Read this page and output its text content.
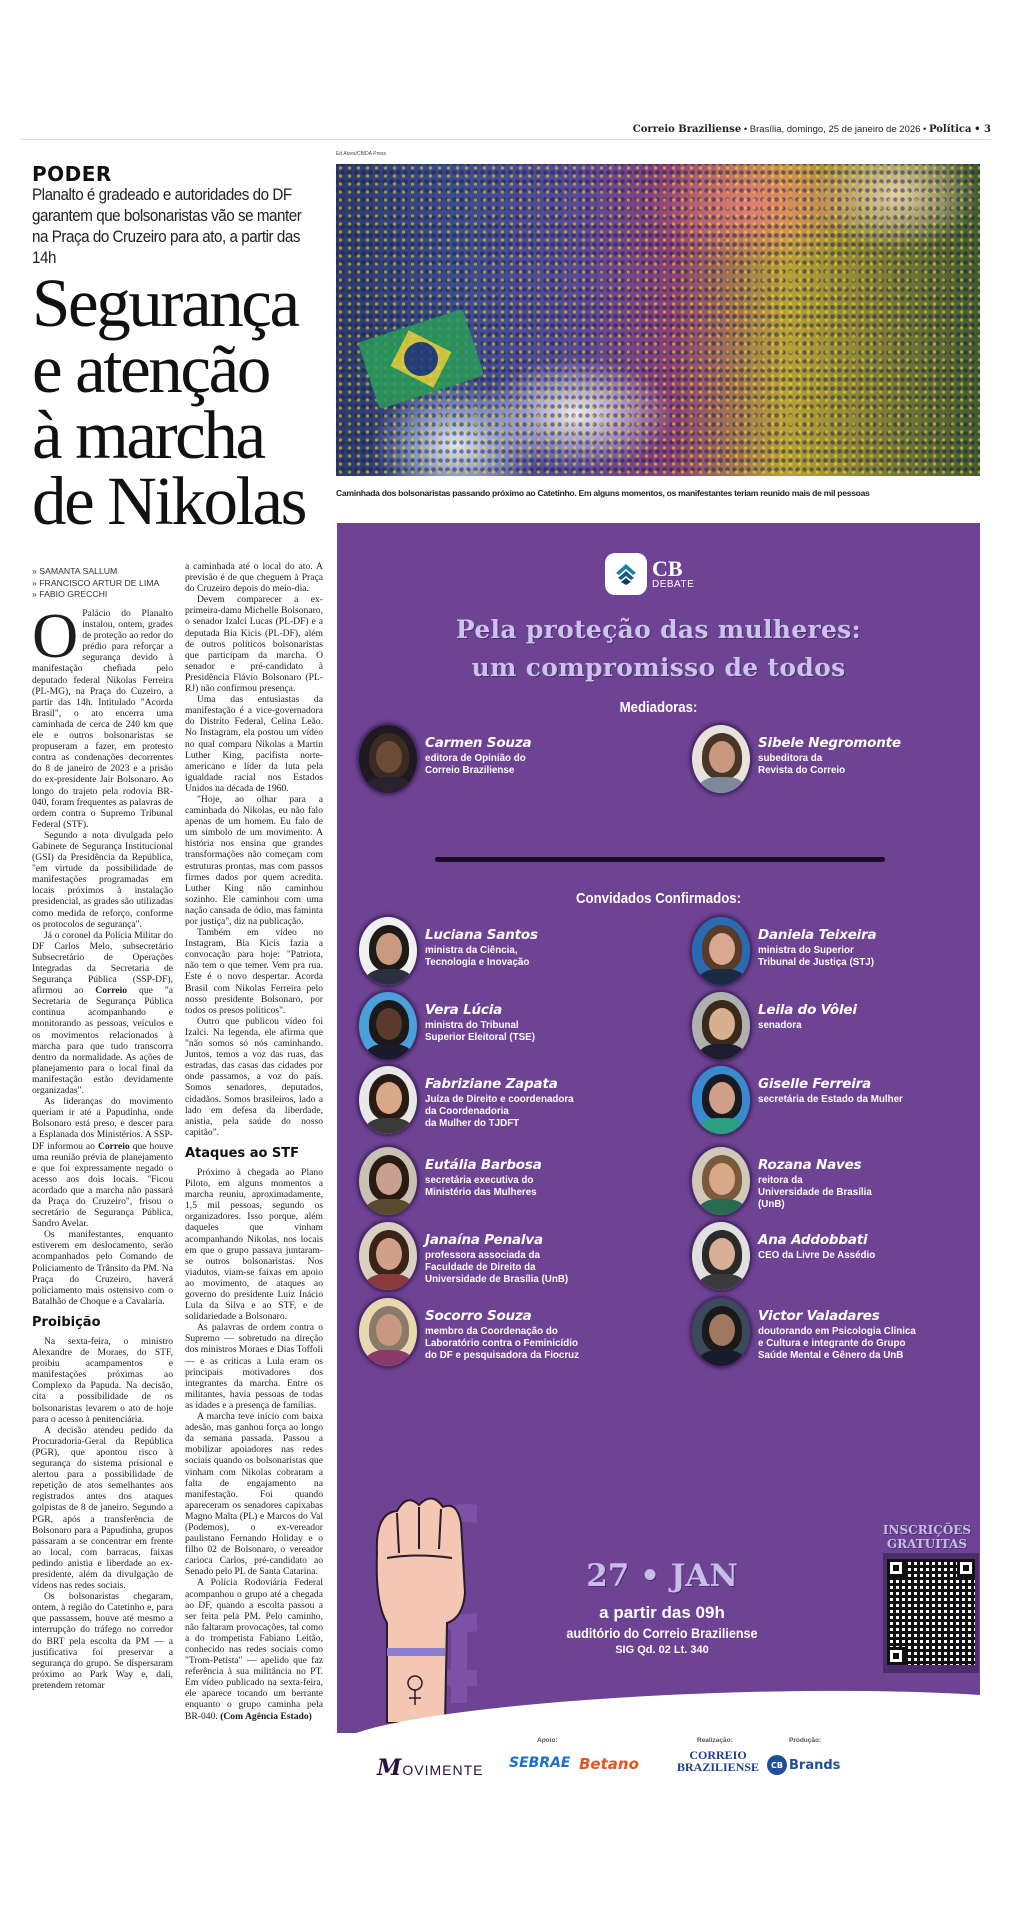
Correio Braziliense • Brasília, domingo, 25 de janeiro de 2026 • Política • 3
PODER
Planalto é gradeado e autoridades do DF garantem que bolsonaristas vão se manter na Praça do Cruzeiro para ato, a partir das 14h
Segurança
e atenção
à marcha
de Nikolas
» SAMANTA SALLUM
» FRANCISCO ARTUR DE LIMA
» FABIO GRECCHI

O Palácio do Planalto instalou, ontem, grades de proteção ao redor do prédio para reforçar a segurança devido à manifestação chefiada pelo deputado federal Nikolas Ferreira (PL-MG), na Praça do Cuzeiro, a partir das 14h. Intitulado "Acorda Brasil", o ato encerra uma caminhada de cerca de 240 km que ele e outros bolsonaristas se propuseram a fazer, em protesto contra as condenações decorrentes do 8 de janeiro de 2023 e a prisão do ex-presidente Jair Bolsonaro. Ao longo do trajeto pela rodovia BR-040, foram frequentes as palavras de ordem contra o Supremo Tribunal Federal (STF).

Segundo a nota divulgada pelo Gabinete de Segurança Institucional (GSI) da Presidência da República, "em virtude da possibilidade de manifestações programadas em locais próximos à instalação presidencial, as grades são utilizadas como medida de reforço, conforme os protocolos de segurança".

Já o coronel da Polícia Militar do DF Carlos Melo, subsecretário Subsecretário de Operações Integradas da Secretaria de Segurança Pública (SSP-DF), afirmou ao Correio que "a Secretaria de Segurança Pública continua acompanhando e monitorando as pessoas, veículos e os movimentos relacionados à marcha para que tudo transcorra dentro da normalidade. As ações de planejamento para o local final da manifestação estão devidamente organizadas".

As lideranças do movimento queriam ir até a Papudinha, onde Bolsonaro está preso, e descer para a Esplanada dos Ministérios. A SSP-DF informou ao Correio que houve uma reunião prévia de planejamento e que foi expressamente negado o acesso aos dois locais. "Ficou acordado que a marcha não passará da Praça do Cruzeiro", frisou o secretário de Segurança Pública, Sandro Avelar.

Os manifestantes, enquanto estiverem em deslocamento, serão acompanhados pelo Comando de Policiamento de Trânsito da PM. Na Praça do Cruzeiro, haverá policiamento mais ostensivo com o Batalhão de Choque e a Cavalaria.

Proibição

Na sexta-feira, o ministro Alexandre de Moraes, do STF, proibiu acampamentos e manifestações próximas ao Complexo da Papuda. Na decisão, cita a possibilidade de os bolsonaristas levarem o ato de hoje para o acesso à penitenciária.

A decisão atendeu pedido da Procuradoria-Geral da República (PGR), que apontou risco à segurança do sistema prisional e alertou para a possibilidade de repetição de atos semelhantes aos registrados antes dos ataques golpistas de 8 de janeiro. Segundo a PGR, após a transferência de Bolsonaro para a Papudinha, grupos passaram a se concentrar em frente ao local, com barracas, faixas pedindo anistia e liberdade ao ex-presidente, além da divulgação de vídeos nas redes sociais.

Os bolsonaristas chegaram, ontem, à região do Catetinho e, para que passassem, houve até mesmo a interrupção do tráfego no corredor do BRT pela escolta da PM — a justificativa foi preservar a segurança do grupo. Se dispersaram próximo ao Park Way e, dali, pretendem retomar

a caminhada até o local do ato. A previsão é de que cheguem à Praça do Cruzeiro depois do meio-dia.

Devem comparecer a ex-primeira-dama Michelle Bolsonaro, o senador Izalci Lucas (PL-DF) e a deputada Bia Kicis (PL-DF), além de outros políticos bolsonaristas que participam da marcha. O senador e pré-candidato à Presidência Flávio Bolsonaro (PL-RJ) não confirmou presença.

Uma das entusiastas da manifestação é a vice-governadora do Distrito Federal, Celina Leão. No Instagram, ela postou um vídeo no qual compara Nikolas a Martin Luther King, pacifista norte-americano e líder da luta pela igualdade racial nos Estados Unidos na década de 1960.

"Hoje, ao olhar para a caminhada do Nikolas, eu não falo apenas de um homem. Eu falo de um símbolo de um movimento. A história nos ensina que grandes transformações não começam com estruturas prontas, mas com passos firmes dados por quem acredita. Luther King não caminhou sozinho. Ele caminhou com uma nação cansada de ódio, mas faminta por justiça", diz na publicação.

Também em vídeo no Instagram, Bia Kicis fazia a convocação para hoje: "Patriota, não tem o que temer. Vem pra rua. Este é o novo despertar. Acorda Brasil com Nikolas Ferreira pelo nosso presidente Bolsonaro, por todos os presos políticos".

Outro que publicou vídeo foi Izalci. Na legenda, ele afirma que "não somos só nós caminhando. Juntos, temos a voz das ruas, das estradas, das casas das cidades por onde passamos, a voz do país. Somos senadores, deputados, cidadãos. Somos brasileiros, lado a lado em defesa da liberdade, anistia, pela saúde do nosso capitão".

Ataques ao STF

Próximo à chegada ao Plano Piloto, em alguns momentos a marcha reuniu, aproximadamente, 1,5 mil pessoas, segundo os organizadores. Isso porque, além daqueles que vinham acompanhando Nikolas, nos locais em que o grupo passava juntaram-se outros bolsonaristas. Nos viadutos, viam-se faixas em apoio ao movimento, de ataques ao governo do presidente Luiz Inácio Lula da Silva e ao STF, e de solidariedade a Bolsonaro.

As palavras de ordem contra o Supremo — sobretudo na direção dos ministros Moraes e Dias Toffoli — e as críticas a Lula eram os principais motivadores dos integrantes da marcha. Entre os militantes, havia pessoas de todas as idades e a presença de famílias.

A marcha teve início com baixa adesão, mas ganhou força ao longo da semana passada. Passou a mobilizar apoiadores nas redes sociais quando os bolsonaristas que vinham com Nikolas cobraram a falta de engajamento na manifestação. Foi quando apareceram os senadores capixabas Magno Malta (PL) e Marcos do Val (Podemos), o ex-vereador paulistano Fernando Holiday e o filho 02 de Bolsonaro, o vereador carioca Carlos, pré-candidato ao Senado pelo PL de Santa Catarina.

A Polícia Rodoviária Federal acompanhou o grupo até a chegada ao DF, quando a escolta passou a ser feita pela PM. Pelo caminho, não faltaram provocações, tal como a do trompetista Fabiano Leitão, conhecido nas redes sociais como "Trom-Petista" — apelido que faz referência à sua militância no PT. Em vídeo publicado na sexta-feira, ele aparece tocando um berrante enquanto o grupo caminha pela BR-040. (Com Agência Estado)

Ed Alves/CB/DA Press
Caminhada dos bolsonaristas passando próximo ao Catetinho. Em alguns momentos, os manifestantes teriam reunido mais de mil pessoas
CB
DEBATE
Pela proteção das mulheres:
um compromisso de todos
Mediadoras:
Convidados Confirmados:
Carmen Souza
editora de Opinião do
Correio Braziliense
Sibele Negromonte
subeditora da
Revista do Correio
Luciana Santos
ministra da Ciência,
Tecnologia e Inovação
Daniela Teixeira
ministra do Superior
Tribunal de Justiça (STJ)
Vera Lúcia
ministra do Tribunal
Superior Eleitoral (TSE)
Leila do Vôlei
senadora
Fabriziane Zapata
Juíza de Direito e coordenadora
da Coordenadoria
da Mulher do TJDFT
Giselle Ferreira
secretária de Estado da Mulher
Eutália Barbosa
secretária executiva do
Ministério das Mulheres
Rozana Naves
reitora da
Universidade de Brasília
(UnB)
Janaína Penalva
professora associada da
Faculdade de Direito da
Universidade de Brasília (UnB)
Ana Addobbati
CEO da Livre De Assédio
Socorro Souza
membro da Coordenação do
Laboratório contra o Feminicídio
do DF e pesquisadora da Fiocruz
Victor Valadares
doutorando em Psicologia Clínica
e Cultura e integrante do Grupo
Saúde Mental e Gênero da UnB
27 • JAN
a partir das 09h
auditório do Correio Braziliense
SIG Qd. 02 Lt. 340
INSCRIÇÕES
GRATUITAS
Apoio:	Realização:	Produção:
MOVIMENTE SEBRAE Betano	CORREIO
BRAZILIENSE	CB Brands
